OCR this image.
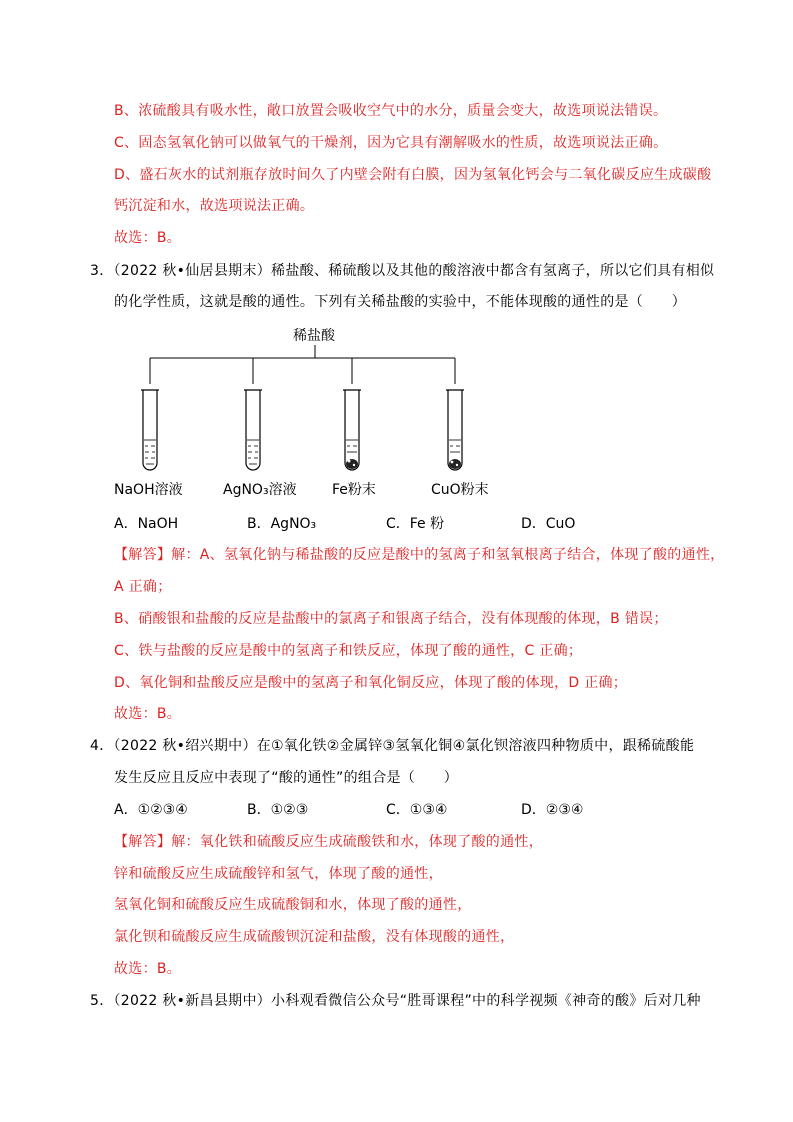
B、浓硫酸具有吸水性，敞口放置会吸收空气中的水分，质量会变大，故选项说法错误。
C、固态氢氧化钠可以做氧气的干燥剂，因为它具有潮解吸水的性质，故选项说法正确。
D、盛石灰水的试剂瓶存放时间久了内壁会附有白膜，因为氢氧化钙会与二氧化碳反应生成碳酸
钙沉淀和水，故选项说法正确。
故选：B。
3．（2022 秋•仙居县期末）稀盐酸、稀硫酸以及其他的酸溶液中都含有氢离子，所以它们具有相似
的化学性质，这就是酸的通性。下列有关稀盐酸的实验中，不能体现酸的通性的是（　　）
稀盐酸
NaOH溶液	AgNO₃溶液	Fe粉末	CuO粉末
A．NaOH	B．AgNO₃	C．Fe 粉	D．CuO
【解答】解：A、氢氧化钠与稀盐酸的反应是酸中的氢离子和氢氧根离子结合，体现了酸的通性，
A 正确；
B、硝酸银和盐酸的反应是盐酸中的氯离子和银离子结合，没有体现酸的体现，B 错误；
C、铁与盐酸的反应是酸中的氢离子和铁反应，体现了酸的通性，C 正确；
D、氧化铜和盐酸反应是酸中的氢离子和氧化铜反应，体现了酸的体现，D 正确；
故选：B。
4．（2022 秋•绍兴期中）在①氧化铁②金属锌③氢氧化铜④氯化钡溶液四种物质中，跟稀硫酸能
发生反应且反应中表现了“酸的通性”的组合是（　　）
A．①②③④	B．①②③	C．①③④	D．②③④
【解答】解：氧化铁和硫酸反应生成硫酸铁和水，体现了酸的通性，
锌和硫酸反应生成硫酸锌和氢气，体现了酸的通性，
氢氧化铜和硫酸反应生成硫酸铜和水，体现了酸的通性，
氯化钡和硫酸反应生成硫酸钡沉淀和盐酸，没有体现酸的通性，
故选：B。
5．（2022 秋•新昌县期中）小科观看微信公众号“胜哥课程”中的科学视频《神奇的酸》后对几种
